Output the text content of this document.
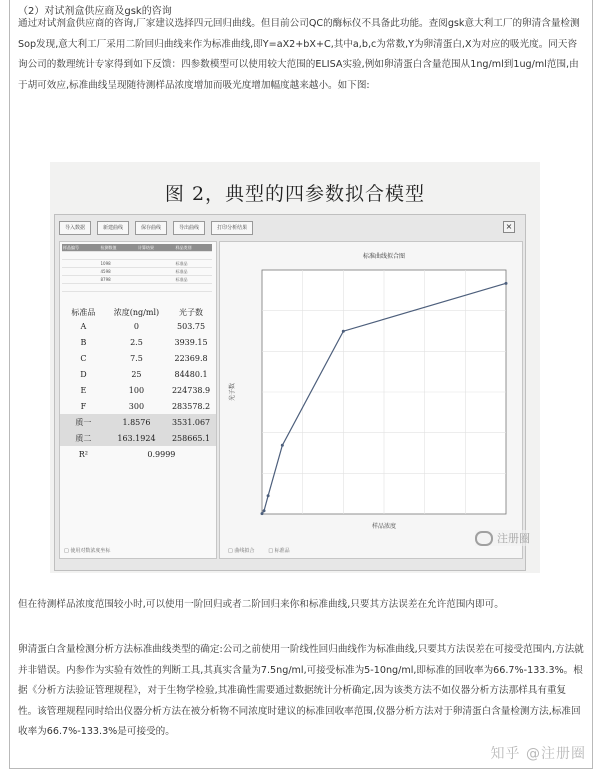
（2）对试剂盒供应商及gsk的咨询

通过对试剂盒供应商的咨询,厂家建议选择四元回归曲线。但目前公司QC的酶标仪不具备此功能。查阅gsk意大利工厂的卵清含量检测Sop发现,意大利工厂采用二阶回归曲线来作为标准曲线,即Y=aX2+bX+C,其中a,b,c为常数,Y为卵清蛋白,X为对应的吸光度。同天咨询公司的数理统计专家得到如下反馈：四参数模型可以使用较大范围的ELISA实验,例如卵清蛋白含量范围从1ng/ml到1ug/ml范围,由于胡可效应,标准曲线呈现随待测样品浓度增加而吸光度增加幅度越来越小。如下图:

图 2，典型的四参数拟合模型
导入数据	新建曲线	保存曲线	导出曲线	打印分析结果	×
样品编号	检测数值	计算结果	样品类别
1098	标准品
4598	标准品
8798	标准品
标准品	浓度(ng/ml)	光子数
A	0	503.75
B	2.5	3939.15
C	7.5	22369.8
D	25	84480.1
E	100	224738.9
F	300	283578.2
质一	1.8576	3531.067
质二	163.1924	258665.1
R²	0.9999	
□ 使用对数浓度坐标
标准曲线拟合图
样品浓度
光子数
□ 曲线拟合	□ 标准品
注册圈

但在待测样品浓度范围较小时,可以使用一阶回归或者二阶回归来你和标准曲线,只要其方法误差在允许范围内即可。

卵清蛋白含量检测分析方法标准曲线类型的确定:公司之前使用一阶线性回归曲线作为标准曲线,只要其方法误差在可接受范围内,方法就并非错误。内参作为实验有效性的判断工具,其真实含量为7.5ng/ml,可接受标准为5-10ng/ml,即标准的回收率为66.7%-133.3%。根据《分析方法验证管理规程》，对于生物学检验,其准确性需要通过数据统计分析确定,因为该类方法不如仪器分析方法那样具有重复性。该管理规程同时给出仪器分析方法在被分析物不同浓度时建议的标准回收率范围,仪器分析方法对于卵清蛋白含量检测方法,标准回收率为66.7%-133.3%是可接受的。

知乎 @注册圈
